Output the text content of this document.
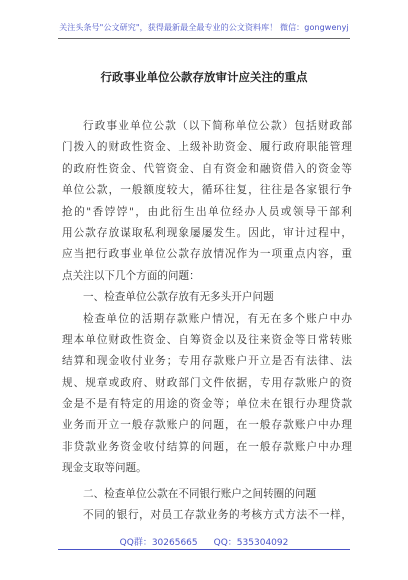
关注头条号"公文研究"，获得最新最全最专业的公文资料库！ 微信：gongwenyj
行政事业单位公款存放审计应关注的重点
行政事业单位公款（以下简称单位公款）包括财政部
门拨入的财政性资金、上级补助资金、履行政府职能管理
的政府性资金、代管资金、自有资金和融资借入的资金等
单位公款，一般额度较大，循环往复，往往是各家银行争
抢的"香饽饽"，由此衍生出单位经办人员或领导干部利
用公款存放谋取私利现象屡屡发生。因此，审计过程中，
应当把行政事业单位公款存放情况作为一项重点内容，重
点关注以下几个方面的问题：
一、检查单位公款存放有无多头开户问题
检查单位的活期存款账户情况，有无在多个账户中办
理本单位财政性资金、自筹资金以及往来资金等日常转账
结算和现金收付业务；专用存款账户开立是否有法律、法
规、规章或政府、财政部门文件依据，专用存款账户的资
金是不是有特定的用途的资金等；单位未在银行办理贷款
业务而开立一般存款账户的问题，在一般存款账户中办理
非贷款业务资金收付结算的问题，在一般存款账户中办理
现金支取等问题。
二、检查单位公款在不同银行账户之间转圈的问题
不同的银行，对员工存款业务的考核方式方法不一样，
QQ群：30265665 QQ：535304092
